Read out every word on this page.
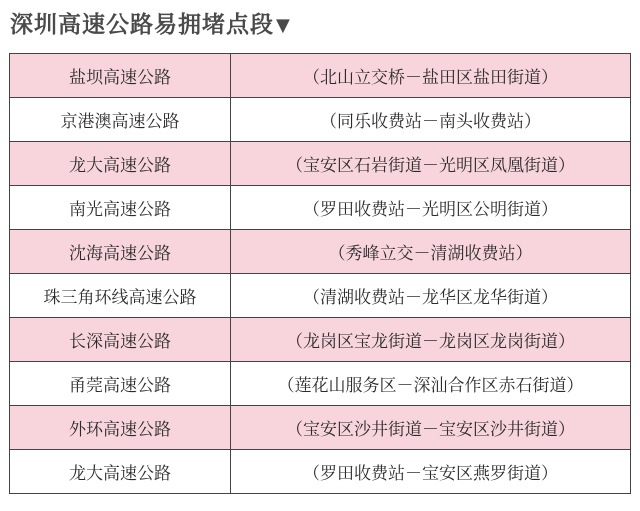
深圳高速公路易拥堵点段 ▼
盐坝高速公路	（北山立交桥－盐田区盐田街道）
京港澳高速公路	（同乐收费站－南头收费站）
龙大高速公路	（宝安区石岩街道－光明区凤凰街道）
南光高速公路	（罗田收费站－光明区公明街道）
沈海高速公路	（秀峰立交－清湖收费站）
珠三角环线高速公路	（清湖收费站－龙华区龙华街道）
长深高速公路	（龙岗区宝龙街道－龙岗区龙岗街道）
甬莞高速公路	（莲花山服务区－深汕合作区赤石街道）
外环高速公路	（宝安区沙井街道－宝安区沙井街道）
龙大高速公路	（罗田收费站－宝安区燕罗街道）
